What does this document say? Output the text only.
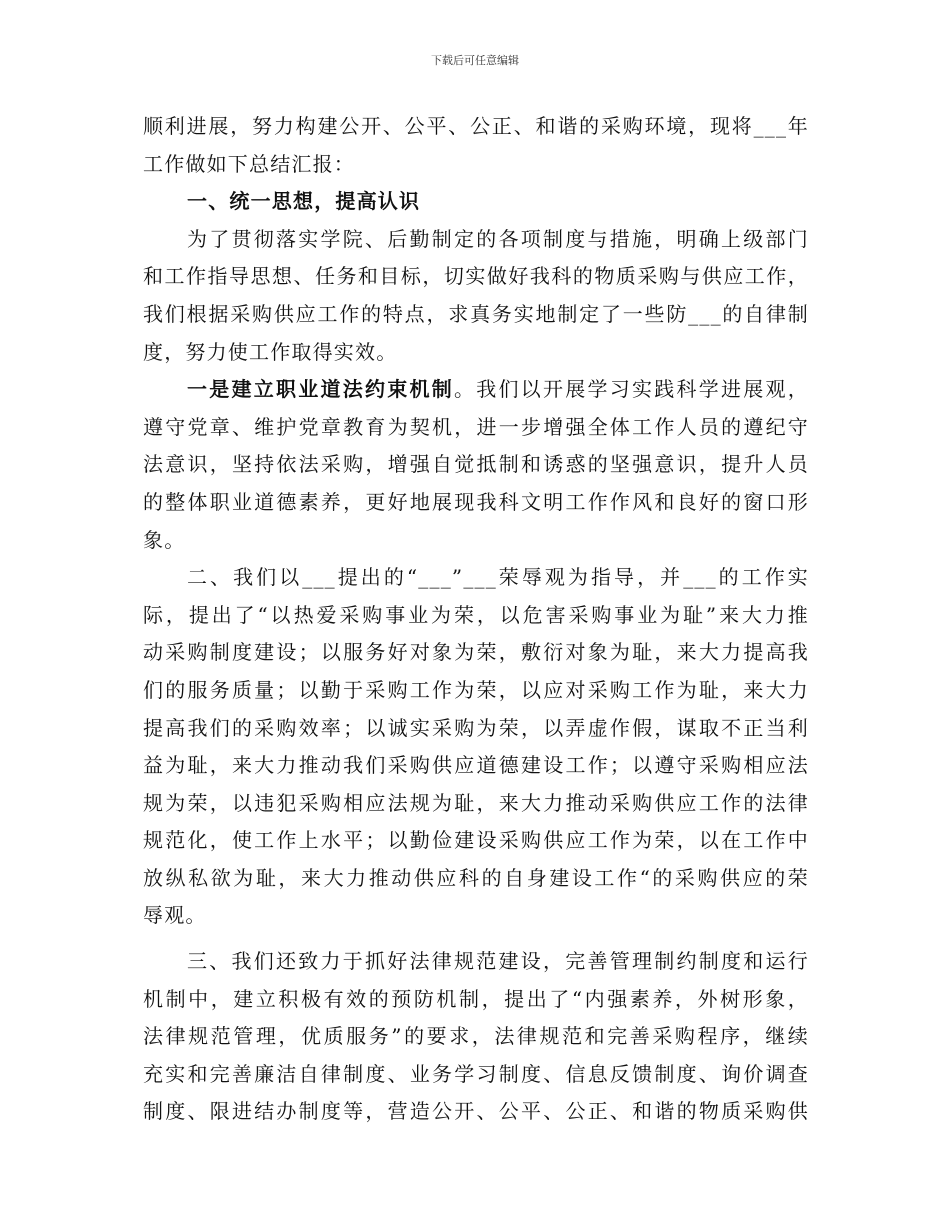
下载后可任意编辑
顺利进展，努力构建公开、公平、公正、和谐的采购环境，现将___年
工作做如下总结汇报：
一、统一思想，提高认识
为了贯彻落实学院、后勤制定的各项制度与措施，明确上级部门
和工作指导思想、任务和目标，切实做好我科的物质采购与供应工作，
我们根据采购供应工作的特点，求真务实地制定了一些防___的自律制
度，努力使工作取得实效。
一是建立职业道法约束机制。我们以开展学习实践科学进展观，
遵守党章、维护党章教育为契机，进一步增强全体工作人员的遵纪守
法意识，坚持依法采购，增强自觉抵制和诱惑的坚强意识，提升人员
的整体职业道德素养，更好地展现我科文明工作作风和良好的窗口形
象。
二、我们以___提出的“___”___荣辱观为指导，并___的工作实
际，提出了“以热爱采购事业为荣，以危害采购事业为耻”来大力推
动采购制度建设；以服务好对象为荣，敷衍对象为耻，来大力提高我
们的服务质量；以勤于采购工作为荣，以应对采购工作为耻，来大力
提高我们的采购效率；以诚实采购为荣，以弄虚作假，谋取不正当利
益为耻，来大力推动我们采购供应道德建设工作；以遵守采购相应法
规为荣，以违犯采购相应法规为耻，来大力推动采购供应工作的法律
规范化，使工作上水平；以勤俭建设采购供应工作为荣，以在工作中
放纵私欲为耻，来大力推动供应科的自身建设工作“的采购供应的荣
辱观。
三、我们还致力于抓好法律规范建设，完善管理制约制度和运行
机制中，建立积极有效的预防机制，提出了“内强素养，外树形象，
法律规范管理，优质服务”的要求，法律规范和完善采购程序，继续
充实和完善廉洁自律制度、业务学习制度、信息反馈制度、询价调查
制度、限进结办制度等，营造公开、公平、公正、和谐的物质采购供
